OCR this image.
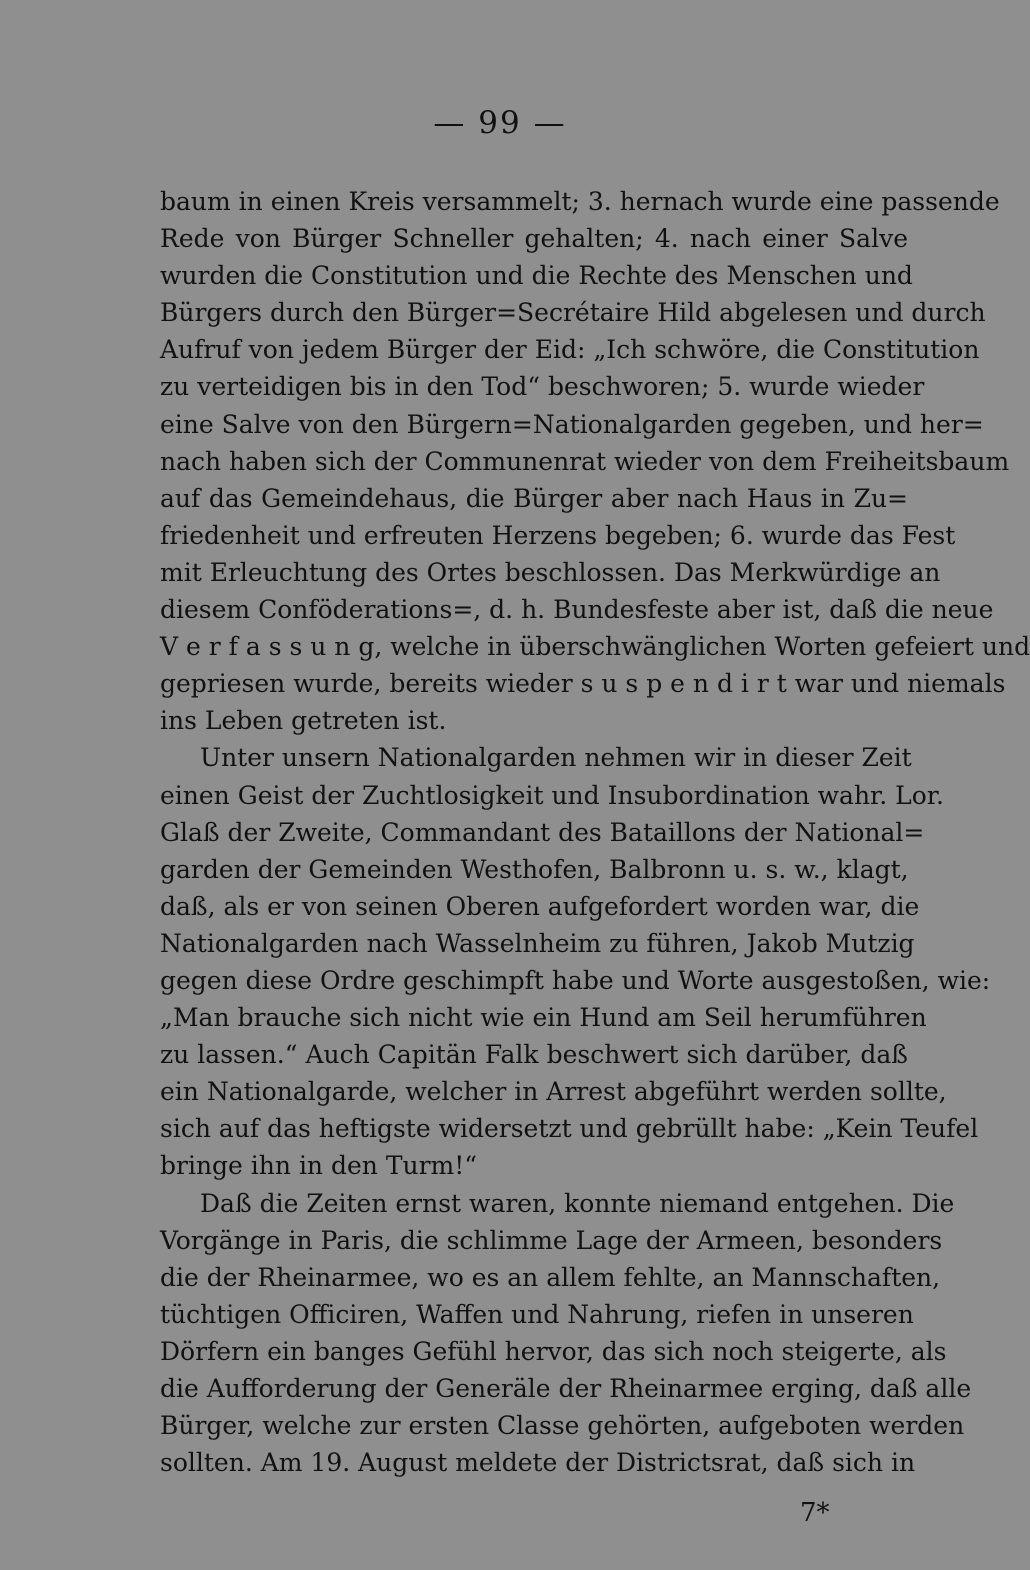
— 99 —
baum in einen Kreis versammelt; 3. hernach wurde eine passende
Rede von Bürger Schneller gehalten; 4. nach einer Salve
wurden die Constitution und die Rechte des Menschen und
Bürgers durch den Bürger=Secrétaire Hild abgelesen und durch
Aufruf von jedem Bürger der Eid: „Ich schwöre, die Constitution
zu verteidigen bis in den Tod“ beschworen; 5. wurde wieder
eine Salve von den Bürgern=Nationalgarden gegeben, und her=
nach haben sich der Communenrat wieder von dem Freiheitsbaum
auf das Gemeindehaus, die Bürger aber nach Haus in Zu=
friedenheit und erfreuten Herzens begeben; 6. wurde das Fest
mit Erleuchtung des Ortes beschlossen. Das Merkwürdige an
diesem Conföderations=, d. h. Bundesfeste aber ist, daß die neue
V e r f a s s u n g, welche in überschwänglichen Worten gefeiert und
gepriesen wurde, bereits wieder s u s p e n d i r t war und niemals
ins Leben getreten ist.
Unter unsern Nationalgarden nehmen wir in dieser Zeit
einen Geist der Zuchtlosigkeit und Insubordination wahr. Lor.
Glaß der Zweite, Commandant des Bataillons der National=
garden der Gemeinden Westhofen, Balbronn u. s. w., klagt,
daß, als er von seinen Oberen aufgefordert worden war, die
Nationalgarden nach Wasselnheim zu führen, Jakob Mutzig
gegen diese Ordre geschimpft habe und Worte ausgestoßen, wie:
„Man brauche sich nicht wie ein Hund am Seil herumführen
zu lassen.“ Auch Capitän Falk beschwert sich darüber, daß
ein Nationalgarde, welcher in Arrest abgeführt werden sollte,
sich auf das heftigste widersetzt und gebrüllt habe: „Kein Teufel
bringe ihn in den Turm!“
Daß die Zeiten ernst waren, konnte niemand entgehen. Die
Vorgänge in Paris, die schlimme Lage der Armeen, besonders
die der Rheinarmee, wo es an allem fehlte, an Mannschaften,
tüchtigen Officiren, Waffen und Nahrung, riefen in unseren
Dörfern ein banges Gefühl hervor, das sich noch steigerte, als
die Aufforderung der Generäle der Rheinarmee erging, daß alle
Bürger, welche zur ersten Classe gehörten, aufgeboten werden
sollten. Am 19. August meldete der Districtsrat, daß sich in
7*
